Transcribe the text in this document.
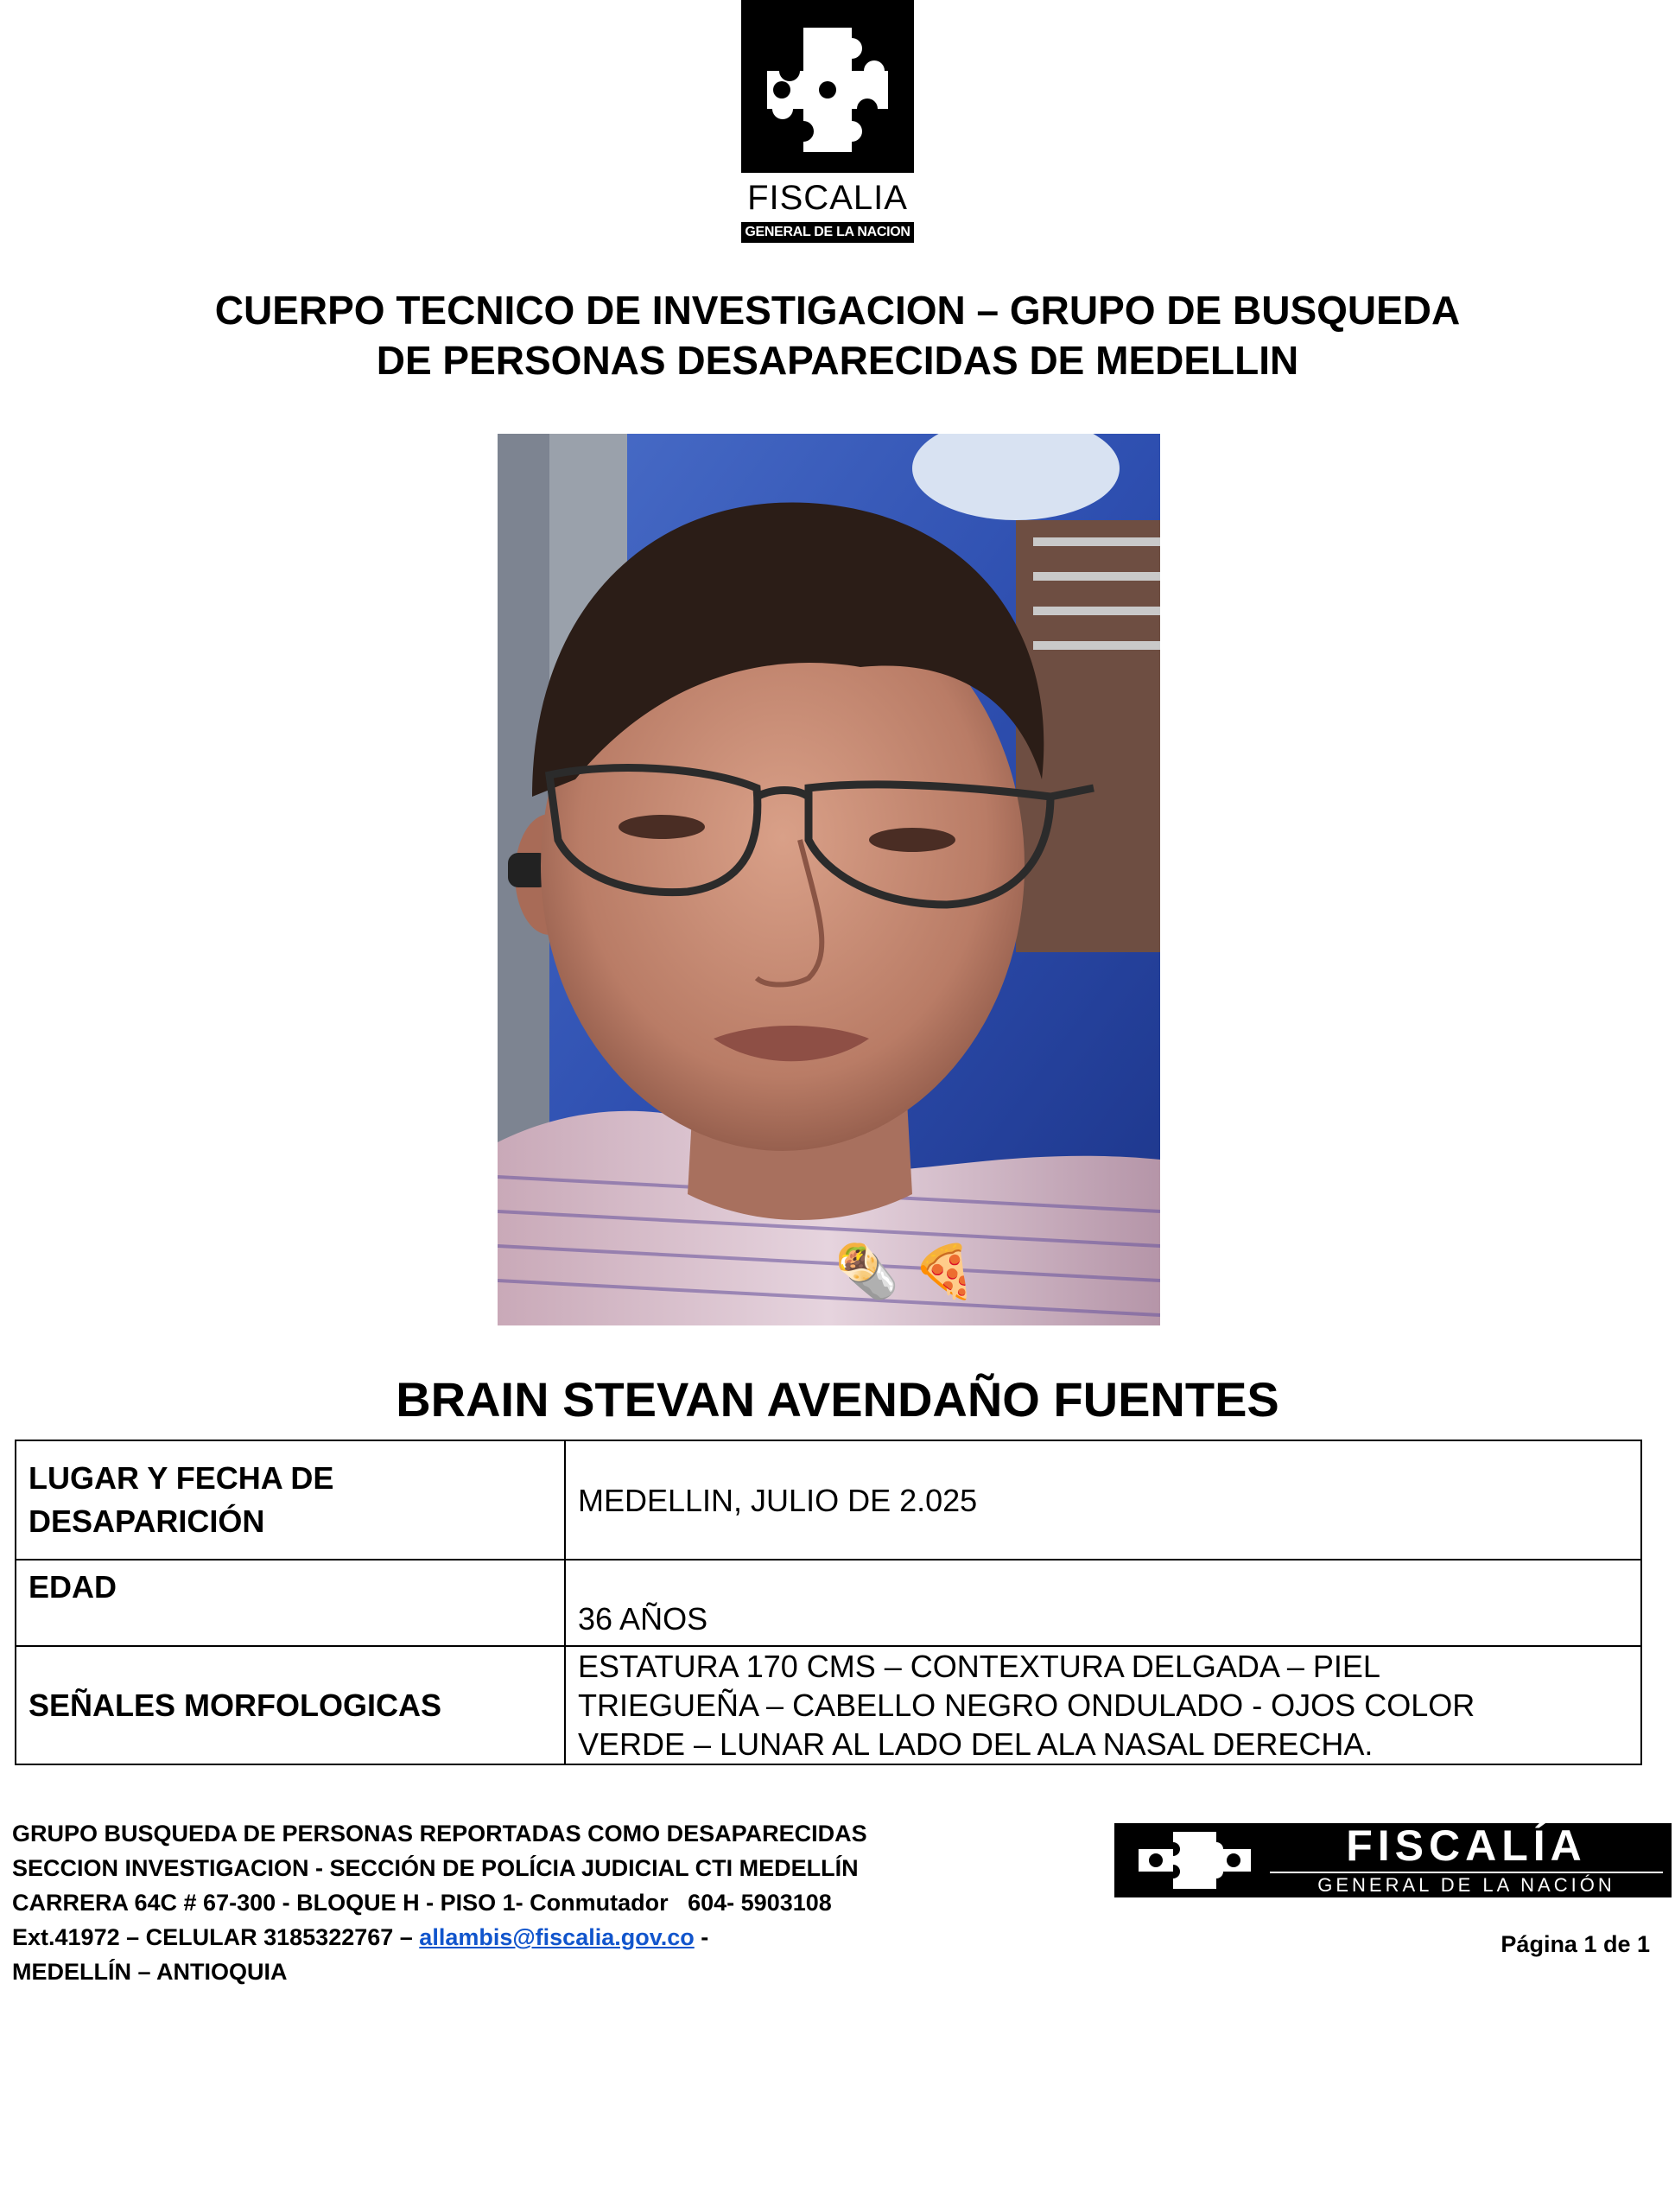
FISCALIA
GENERAL DE LA NACION
CUERPO TECNICO DE INVESTIGACION – GRUPO DE BUSQUEDA
DE PERSONAS DESAPARECIDAS DE MEDELLIN
🌯 🍕
BRAIN STEVAN AVENDAÑO FUENTES
LUGAR Y FECHA DE
DESAPARICIÓN	MEDELLIN, JULIO DE 2.025
EDAD	36 AÑOS
SEÑALES MORFOLOGICAS	ESTATURA 170 CMS – CONTEXTURA DELGADA – PIEL
TRIEGUEÑA – CABELLO NEGRO ONDULADO - OJOS COLOR
VERDE – LUNAR AL LADO DEL ALA NASAL DERECHA.
GRUPO BUSQUEDA DE PERSONAS REPORTADAS COMO DESAPARECIDAS
SECCION INVESTIGACION - SECCIÓN DE POLÍCIA JUDICIAL CTI MEDELLÍN
CARRERA 64C # 67-300 - BLOQUE H - PISO 1- Conmutador   604- 5903108
Ext.41972 – CELULAR 3185322767 – allambis@fiscalia.gov.co -
MEDELLÍN – ANTIOQUIA
FISCALÍA
GENERAL DE LA NACIÓN
Página 1 de 1
